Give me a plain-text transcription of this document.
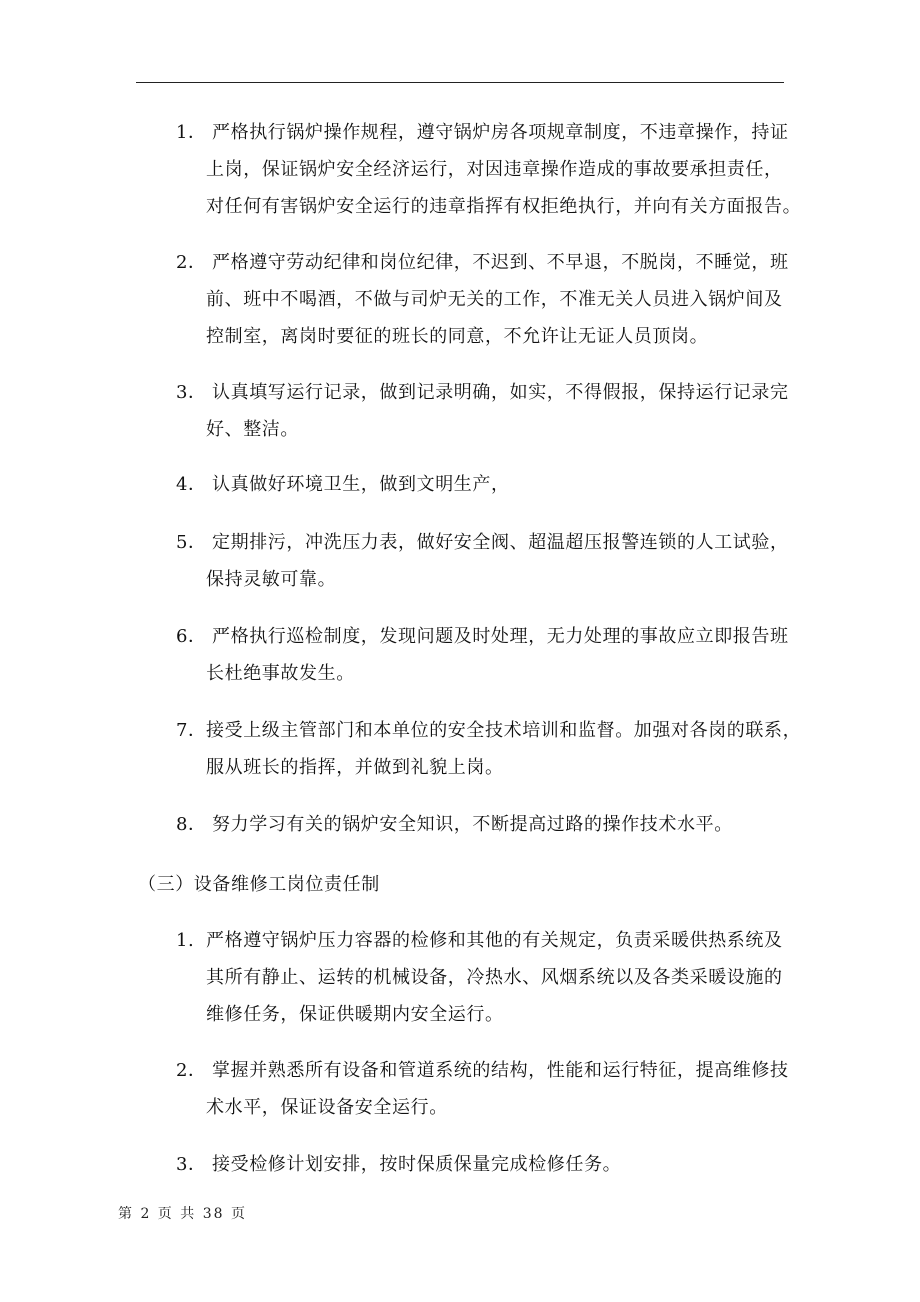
1． 严格执行锅炉操作规程，遵守锅炉房各项规章制度，不违章操作，持证
上岗，保证锅炉安全经济运行，对因违章操作造成的事故要承担责任，
对任何有害锅炉安全运行的违章指挥有权拒绝执行，并向有关方面报告。
2． 严格遵守劳动纪律和岗位纪律，不迟到、不早退，不脱岗，不睡觉，班
前、班中不喝酒，不做与司炉无关的工作，不准无关人员进入锅炉间及
控制室，离岗时要征的班长的同意，不允许让无证人员顶岗。
3． 认真填写运行记录，做到记录明确，如实，不得假报，保持运行记录完
好、整洁。
4． 认真做好环境卫生，做到文明生产，
5． 定期排污，冲洗压力表，做好安全阀、超温超压报警连锁的人工试验，
保持灵敏可靠。
6． 严格执行巡检制度，发现问题及时处理，无力处理的事故应立即报告班
长杜绝事故发生。
7． 接受上级主管部门和本单位的安全技术培训和监督。加强对各岗的联系，
服从班长的指挥，并做到礼貌上岗。
8． 努力学习有关的锅炉安全知识，不断提高过路的操作技术水平。
（三）设备维修工岗位责任制
1. 严格遵守锅炉压力容器的检修和其他的有关规定，负责采暖供热系统及
其所有静止、运转的机械设备，冷热水、风烟系统以及各类采暖设施的
维修任务，保证供暖期内安全运行。
2． 掌握并熟悉所有设备和管道系统的结构，性能和运行特征，提高维修技
术水平，保证设备安全运行。
3． 接受检修计划安排，按时保质保量完成检修任务。
第 2 页 共 38 页
